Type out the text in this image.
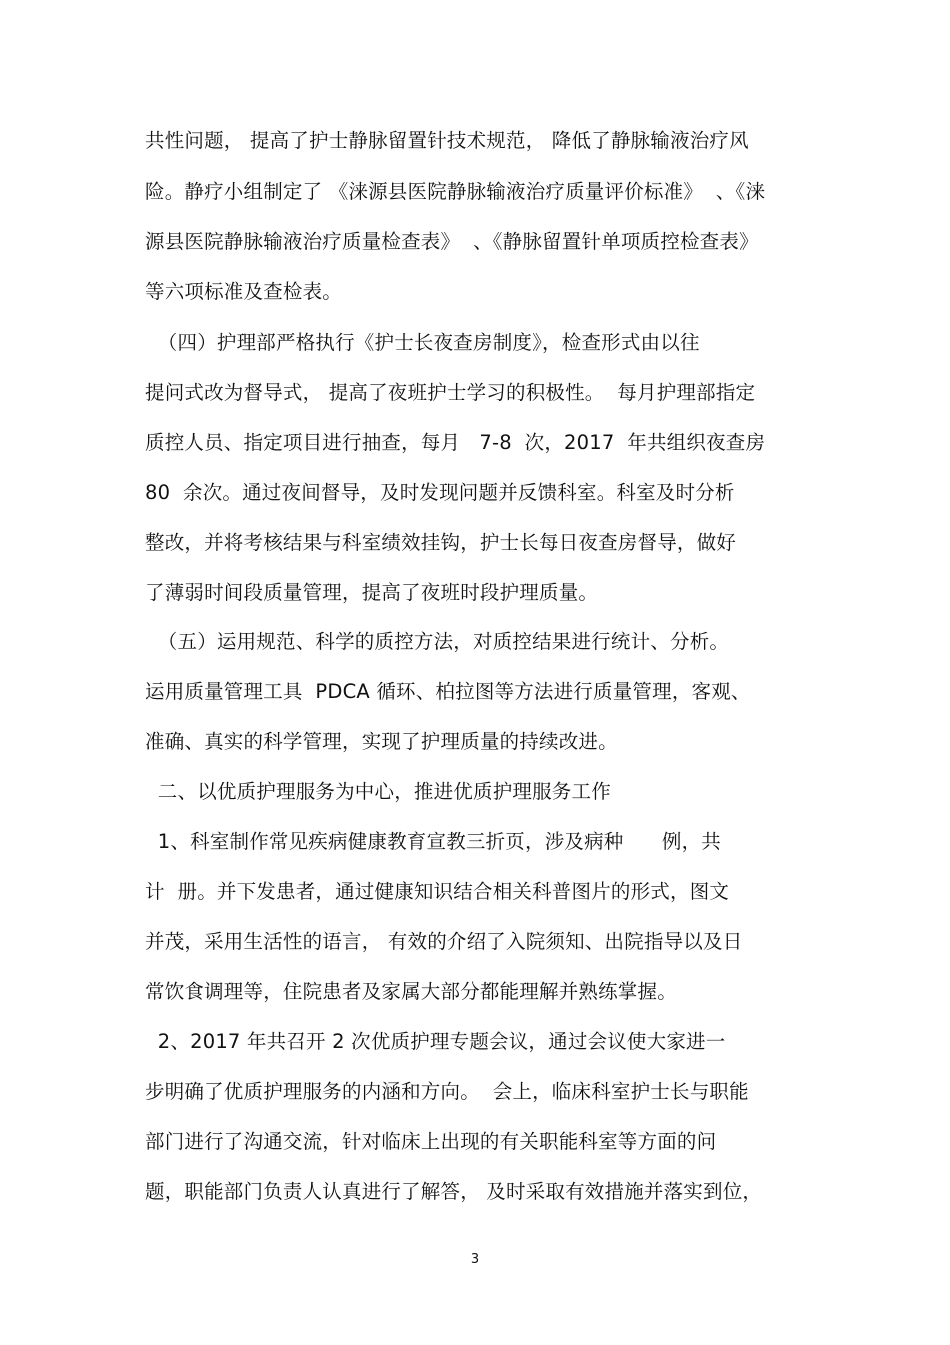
共性问题， 提高了护士静脉留置针技术规范， 降低了静脉输液治疗风
险。静疗小组制定了 《涞源县医院静脉输液治疗质量评价标准》  、《涞
源县医院静脉输液治疗质量检查表》  、《静脉留置针单项质控检查表》
等六项标准及查检表。
（四）护理部严格执行《护士长夜查房制度》，检查形式由以往
提问式改为督导式， 提高了夜班护士学习的积极性。  每月护理部指定
质控人员、指定项目进行抽查，每月   7-8  次，2017  年共组织夜查房
80  余次。通过夜间督导，及时发现问题并反馈科室。科室及时分析
整改，并将考核结果与科室绩效挂钩，护士长每日夜查房督导，做好
了薄弱时间段质量管理，提高了夜班时段护理质量。
（五）运用规范、科学的质控方法，对质控结果进行统计、分析。
运用质量管理工具  PDCA 循环、柏拉图等方法进行质量管理，客观、
准确、真实的科学管理，实现了护理质量的持续改进。
二、以优质护理服务为中心，推进优质护理服务工作
1、科室制作常见疾病健康教育宣教三折页，涉及病种      例，共
计  册。并下发患者，通过健康知识结合相关科普图片的形式，图文
并茂，采用生活性的语言， 有效的介绍了入院须知、出院指导以及日
常饮食调理等，住院患者及家属大部分都能理解并熟练掌握。
2、2017 年共召开 2 次优质护理专题会议，通过会议使大家进一
步明确了优质护理服务的内涵和方向。  会上，临床科室护士长与职能
部门进行了沟通交流，针对临床上出现的有关职能科室等方面的问
题，职能部门负责人认真进行了解答， 及时采取有效措施并落实到位，
3
